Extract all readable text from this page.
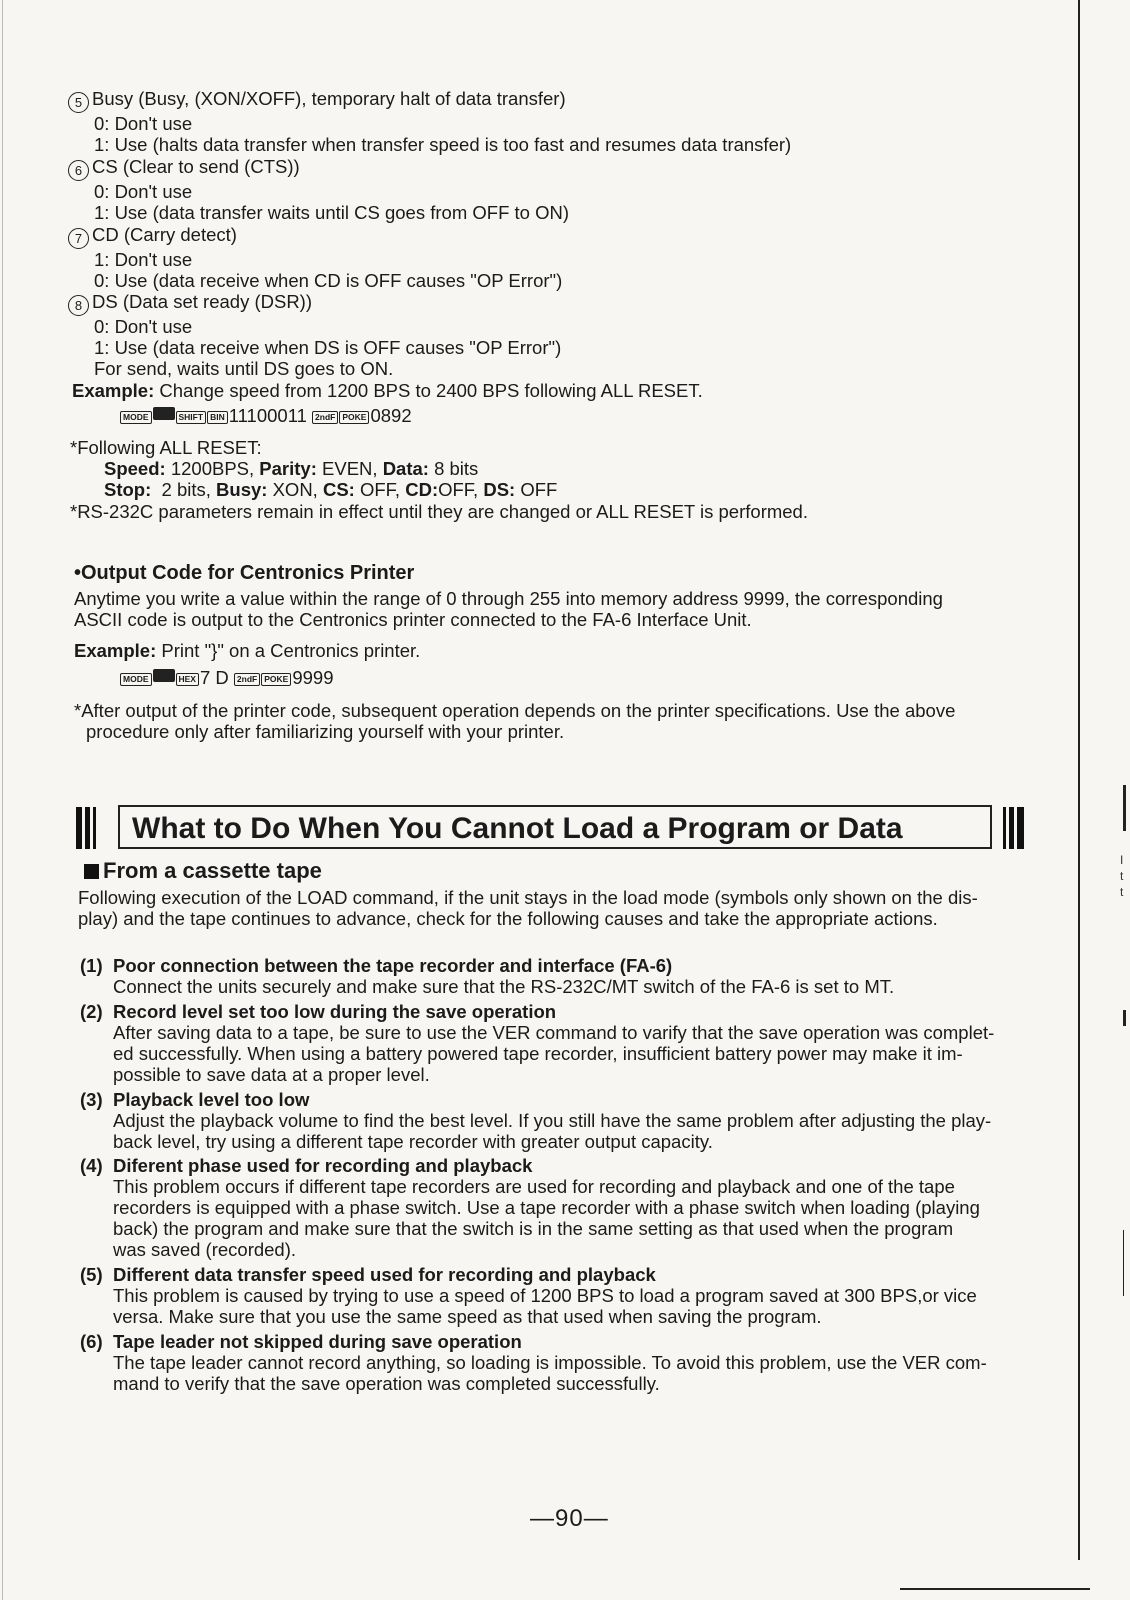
I
t
t
5 Busy (Busy, (XON/XOFF), temporary halt of data transfer)
0: Don't use
1: Use (halts data transfer when transfer speed is too fast and resumes data transfer)
6 CS (Clear to send (CTS))
0: Don't use
1: Use (data transfer waits until CS goes from OFF to ON)
7 CD (Carry detect)
1: Don't use
0: Use (data receive when CD is OFF causes "OP Error")
8 DS (Data set ready (DSR))
0: Don't use
1: Use (data receive when DS is OFF causes "OP Error")
For send, waits until DS goes to ON.
Example: Change speed from 1200 BPS to 2400 BPS following ALL RESET.
MODE	SHIFT BIN 11100011 2ndF POKE 0892
*Following ALL RESET:
Speed: 1200BPS, Parity: EVEN, Data: 8 bits
Stop: 2 bits, Busy: XON, CS: OFF, CD:OFF, DS: OFF
*RS-232C parameters remain in effect until they are changed or ALL RESET is performed.
•Output Code for Centronics Printer
Anytime you write a value within the range of 0 through 255 into memory address 9999, the corresponding
ASCII code is output to the Centronics printer connected to the FA-6 Interface Unit.
Example: Print "}" on a Centronics printer.
MODE	HEX 7 D 2ndF POKE 9999
*After output of the printer code, subsequent operation depends on the printer specifications. Use the above
procedure only after familiarizing yourself with your printer.
What to Do When You Cannot Load a Program or Data
From a cassette tape
Following execution of the LOAD command, if the unit stays in the load mode (symbols only shown on the dis-
play) and the tape continues to advance, check for the following causes and take the appropriate actions.
(1) Poor connection between the tape recorder and interface (FA-6)
Connect the units securely and make sure that the RS-232C/MT switch of the FA-6 is set to MT.
(2) Record level set too low during the save operation
After saving data to a tape, be sure to use the VER command to varify that the save operation was complet-
ed successfully. When using a battery powered tape recorder, insufficient battery power may make it im-
possible to save data at a proper level.
(3) Playback level too low
Adjust the playback volume to find the best level. If you still have the same problem after adjusting the play-
back level, try using a different tape recorder with greater output capacity.
(4) Diferent phase used for recording and playback
This problem occurs if different tape recorders are used for recording and playback and one of the tape
recorders is equipped with a phase switch. Use a tape recorder with a phase switch when loading (playing
back) the program and make sure that the switch is in the same setting as that used when the program
was saved (recorded).
(5) Different data transfer speed used for recording and playback
This problem is caused by trying to use a speed of 1200 BPS to load a program saved at 300 BPS,or vice
versa. Make sure that you use the same speed as that used when saving the program.
(6) Tape leader not skipped during save operation
The tape leader cannot record anything, so loading is impossible. To avoid this problem, use the VER com-
mand to verify that the save operation was completed successfully.
—90—
